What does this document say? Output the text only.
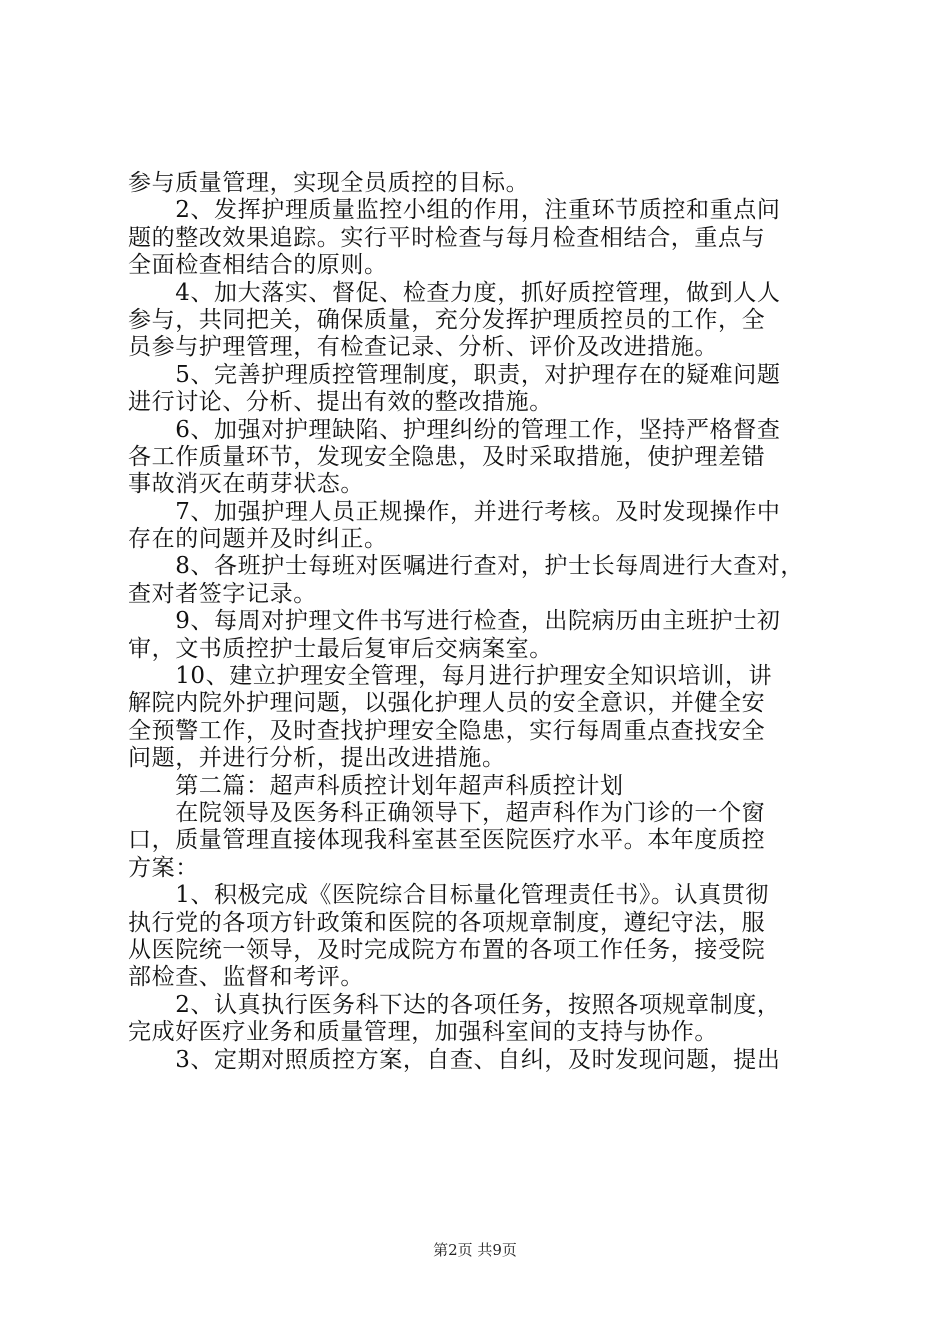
参与质量管理，实现全员质控的目标。
　　2、发挥护理质量监控小组的作用，注重环节质控和重点问
题的整改效果追踪。实行平时检查与每月检查相结合，重点与
全面检查相结合的原则。
　　4、加大落实、督促、检查力度，抓好质控管理，做到人人
参与，共同把关，确保质量，充分发挥护理质控员的工作，全
员参与护理管理，有检查记录、分析、评价及改进措施。
　　5、完善护理质控管理制度，职责，对护理存在的疑难问题
进行讨论、分析、提出有效的整改措施。
　　6、加强对护理缺陷、护理纠纷的管理工作，坚持严格督查
各工作质量环节，发现安全隐患，及时采取措施，使护理差错
事故消灭在萌芽状态。
　　7、加强护理人员正规操作，并进行考核。及时发现操作中
存在的问题并及时纠正。
　　8、各班护士每班对医嘱进行查对，护士长每周进行大查对，
查对者签字记录。
　　9、每周对护理文件书写进行检查，出院病历由主班护士初
审，文书质控护士最后复审后交病案室。
　　10、建立护理安全管理，每月进行护理安全知识培训，讲
解院内院外护理问题，以强化护理人员的安全意识，并健全安
全预警工作，及时查找护理安全隐患，实行每周重点查找安全
问题，并进行分析，提出改进措施。
　　第二篇：超声科质控计划年超声科质控计划
　　在院领导及医务科正确领导下，超声科作为门诊的一个窗
口，质量管理直接体现我科室甚至医院医疗水平。本年度质控
方案：
　　1、积极完成《医院综合目标量化管理责任书》。认真贯彻
执行党的各项方针政策和医院的各项规章制度，遵纪守法，服
从医院统一领导，及时完成院方布置的各项工作任务，接受院
部检查、监督和考评。
　　2、认真执行医务科下达的各项任务，按照各项规章制度，
完成好医疗业务和质量管理，加强科室间的支持与协作。
　　3、定期对照质控方案，自查、自纠，及时发现问题，提出
第2页 共9页
